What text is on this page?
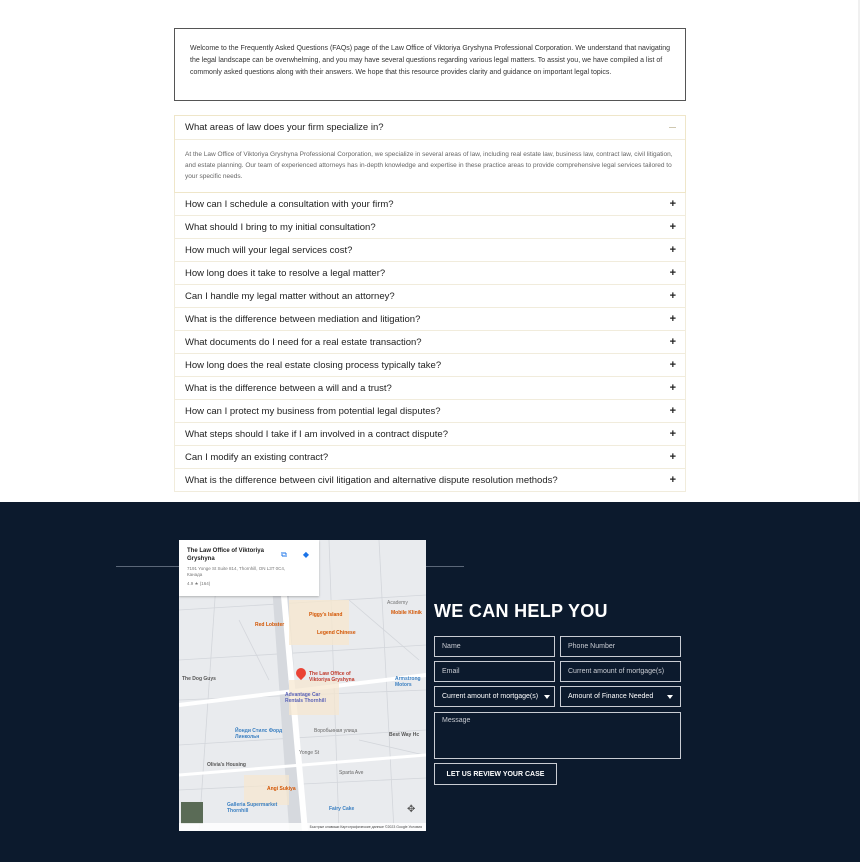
Welcome to the Frequently Asked Questions (FAQs) page of the Law Office of Viktoriya Gryshyna Professional Corporation. We understand that navigating the legal landscape can be overwhelming, and you may have several questions regarding various legal matters. To assist you, we have compiled a list of commonly asked questions along with their answers. We hope that this resource provides clarity and guidance on important legal topics.

What areas of law does your firm specialize in?
At the Law Office of Viktoriya Gryshyna Professional Corporation, we specialize in several areas of law, including real estate law, business law, contract law, civil litigation, and estate planning. Our team of experienced attorneys has in-depth knowledge and expertise in these practice areas to provide comprehensive legal services tailored to your specific needs.
How can I schedule a consultation with your firm?	+
What should I bring to my initial consultation?	+
How much will your legal services cost?	+
How long does it take to resolve a legal matter?	+
Can I handle my legal matter without an attorney?	+
What is the difference between mediation and litigation?	+
What documents do I need for a real estate transaction?	+
How long does the real estate closing process typically take?	+
What is the difference between a will and a trust?	+
How can I protect my business from potential legal disputes?	+
What steps should I take if I am involved in a contract dispute?	+
Can I modify an existing contract?	+
What is the difference between civil litigation and alternative dispute resolution methods?	+
The Law Office of Viktoriya Gryshyna
7191 Yonge St Suite 814, Thornhill, ON L3T 0C4, Канада
4.9 ★ (164)
⧉ ◆
Piggy's Island
Red Lobster
Legend Chinese
Mobile Klinik
Academy
The Law Office of Viktoriya Gryshyna
Advantage Car Rentals Thornhill
The Dog Guys	Armstrong Motors
Йонди Стилс Форд Линкольн
Olivia's Housing
Best Way Hc
Angi Sukiya
Galleria Supermarket Thornhill	Fairy Cake
Yonge St
Воробьиная улица
Sparta Ave
✥
Быстрые клавиши Картографические данные ©2023 Google Условия
WE CAN HELP YOU
Name	Phone Number
Email	Current amount of mortgage(s)
Current amount of mortgage(s)	Amount of Finance Needed
Message
LET US REVIEW YOUR CASE
